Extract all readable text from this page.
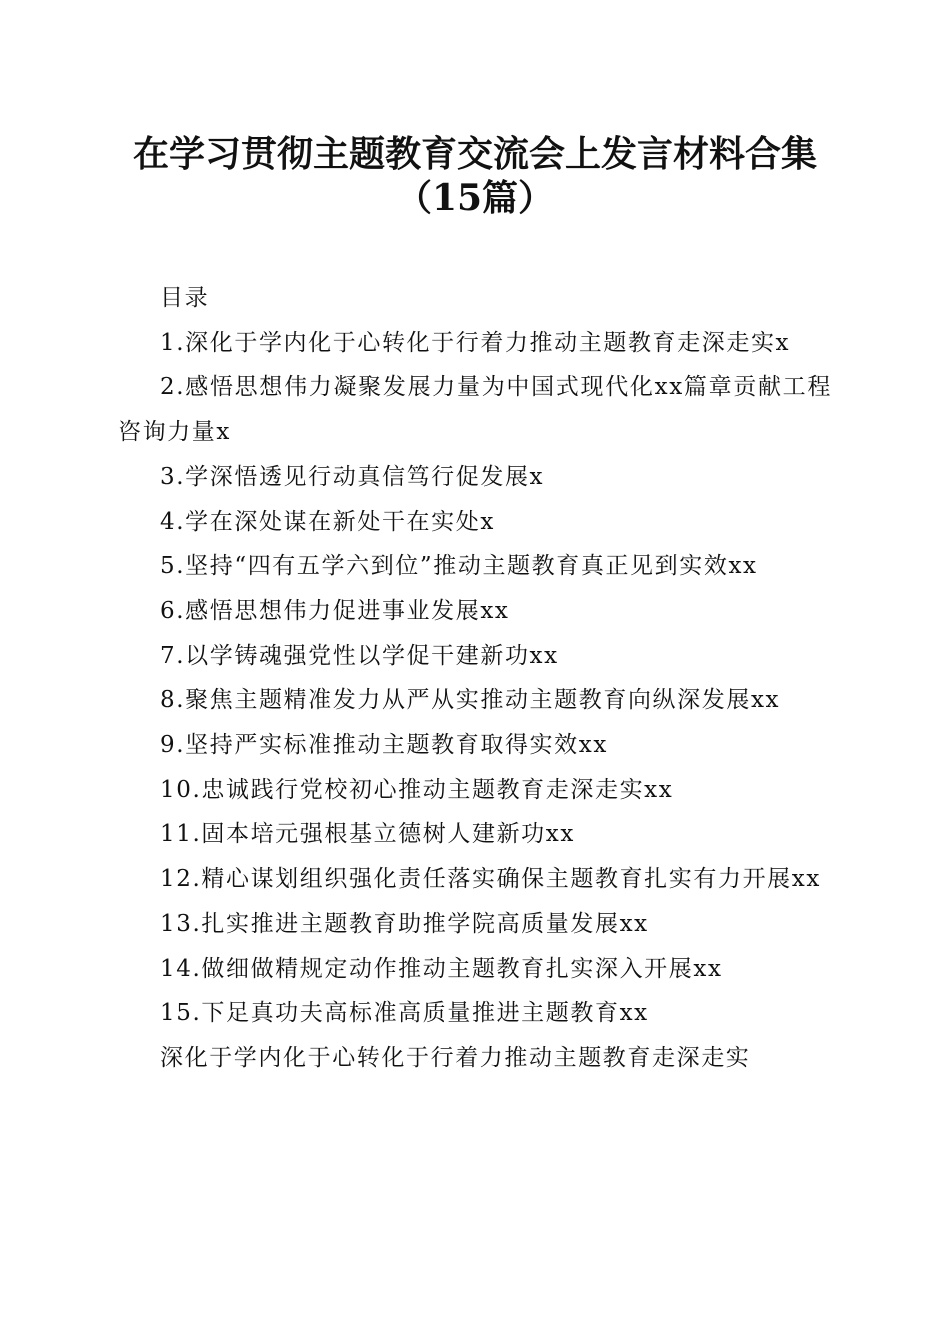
在学习贯彻主题教育交流会上发言材料合集
（15篇）

目录

1.深化于学内化于心转化于行着力推动主题教育走深走实x

2.感悟思想伟力凝聚发展力量为中国式现代化xx篇章贡献工程咨询力量x

3.学深悟透见行动真信笃行促发展x

4.学在深处谋在新处干在实处x

5.坚持“四有五学六到位”推动主题教育真正见到实效xx

6.感悟思想伟力促进事业发展xx

7.以学铸魂强党性以学促干建新功xx

8.聚焦主题精准发力从严从实推动主题教育向纵深发展xx

9.坚持严实标准推动主题教育取得实效xx

10.忠诚践行党校初心推动主题教育走深走实xx

11.固本培元强根基立德树人建新功xx

12.精心谋划组织强化责任落实确保主题教育扎实有力开展xx

13.扎实推进主题教育助推学院高质量发展xx

14.做细做精规定动作推动主题教育扎实深入开展xx

15.下足真功夫高标准高质量推进主题教育xx

深化于学内化于心转化于行着力推动主题教育走深走实
